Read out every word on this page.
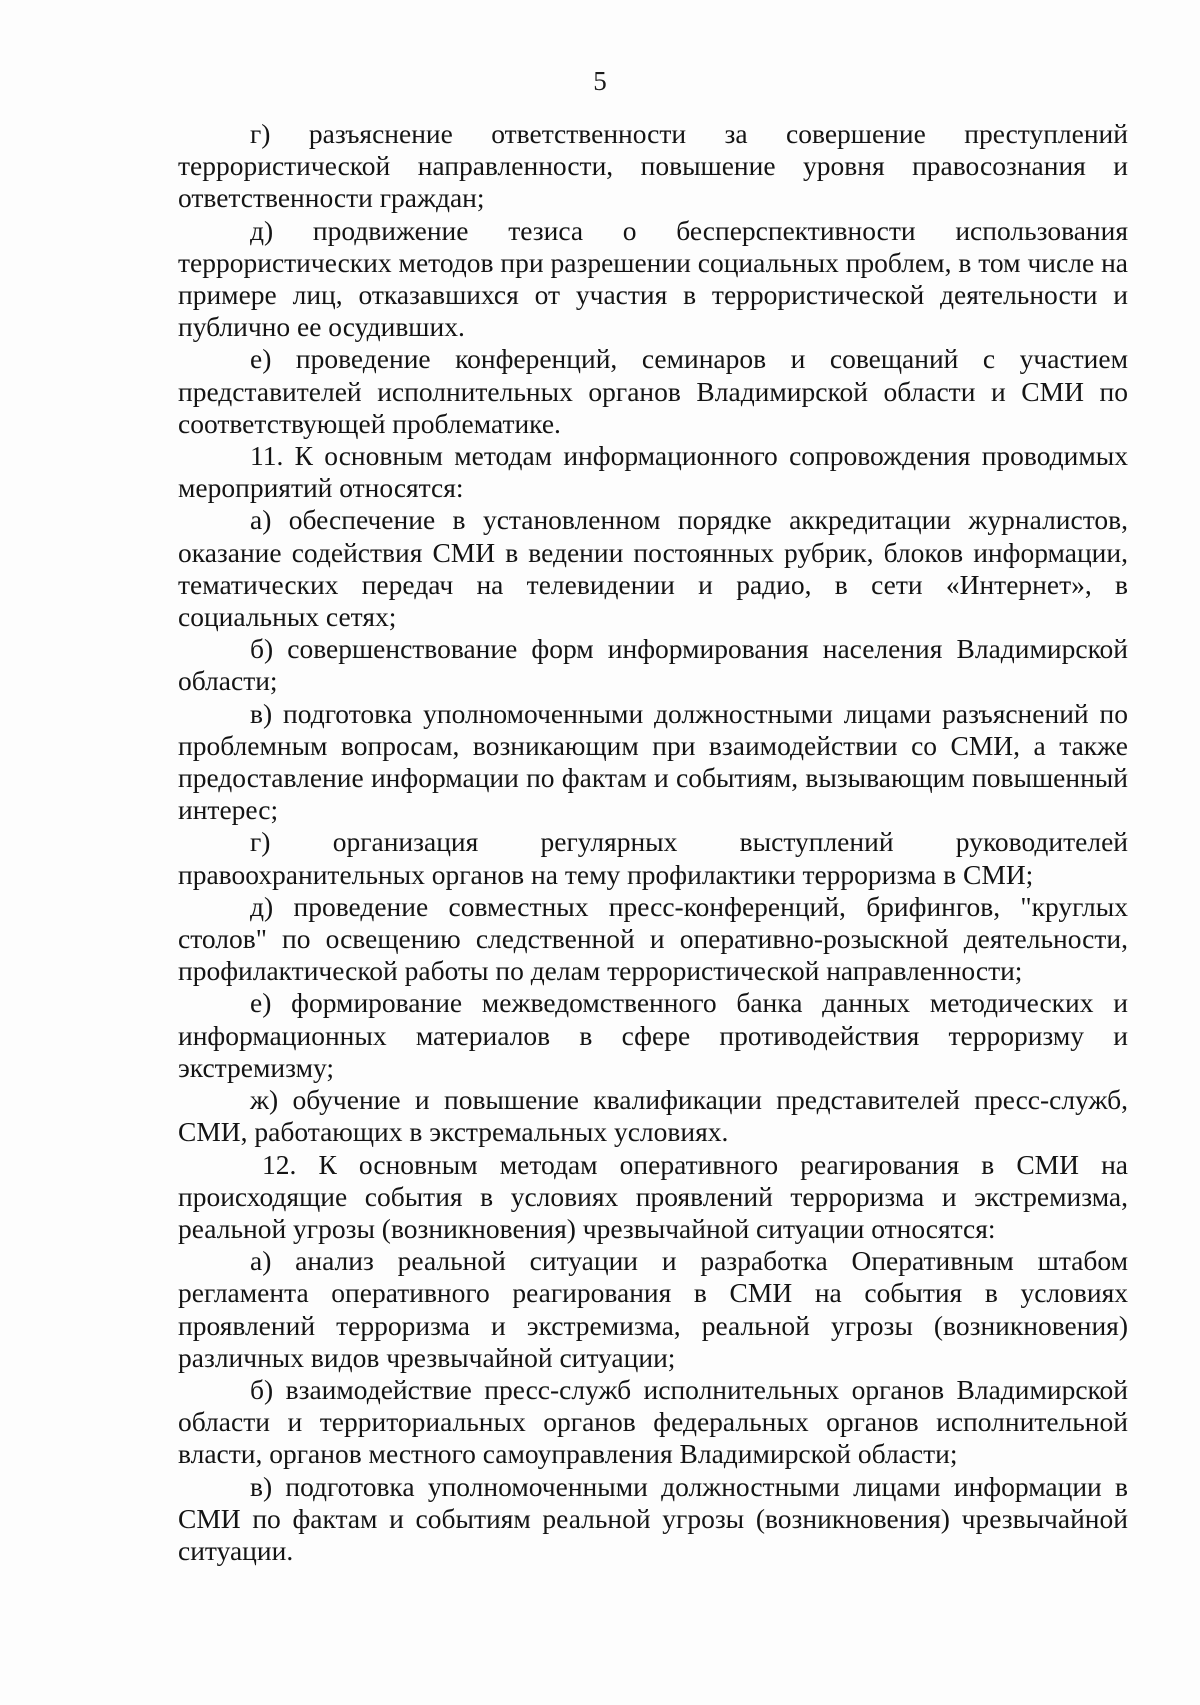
5

г) разъяснение ответственности за совершение преступлений террористической направленности, повышение уровня правосознания и ответственности граждан;

д) продвижение тезиса о бесперспективности использования террористических методов при разрешении социальных проблем, в том числе на примере лиц, отказавшихся от участия в террористической деятельности и публично ее осудивших.

е) проведение конференций, семинаров и совещаний с участием представителей исполнительных органов Владимирской области и СМИ по соответствующей проблематике.

11. К основным методам информационного сопровождения проводимых мероприятий относятся:

а) обеспечение в установленном порядке аккредитации журналистов, оказание содействия СМИ в ведении постоянных рубрик, блоков информации, тематических передач на телевидении и радио, в сети «Интернет», в социальных сетях;

б) совершенствование форм информирования населения Владимирской области;

в) подготовка уполномоченными должностными лицами разъяснений по проблемным вопросам, возникающим при взаимодействии со СМИ, а также предоставление информации по фактам и событиям, вызывающим повышенный интерес;

г) организация регулярных выступлений руководителей правоохранительных органов на тему профилактики терроризма в СМИ;

д) проведение совместных пресс-конференций, брифингов, "круглых столов" по освещению следственной и оперативно-розыскной деятельности, профилактической работы по делам террористической направленности;

е) формирование межведомственного банка данных методических и информационных материалов в сфере противодействия терроризму и экстремизму;

ж) обучение и повышение квалификации представителей пресс-служб, СМИ, работающих в экстремальных условиях.

12. К основным методам оперативного реагирования в СМИ на происходящие события в условиях проявлений терроризма и экстремизма, реальной угрозы (возникновения) чрезвычайной ситуации относятся:

а) анализ реальной ситуации и разработка Оперативным штабом регламента оперативного реагирования в СМИ на события в условиях проявлений терроризма и экстремизма, реальной угрозы (возникновения) различных видов чрезвычайной ситуации;

б) взаимодействие пресс-служб исполнительных органов Владимирской области и территориальных органов федеральных органов исполнительной власти, органов местного самоуправления Владимирской области;

в) подготовка уполномоченными должностными лицами информации в СМИ по фактам и событиям реальной угрозы (возникновения) чрезвычайной ситуации.
